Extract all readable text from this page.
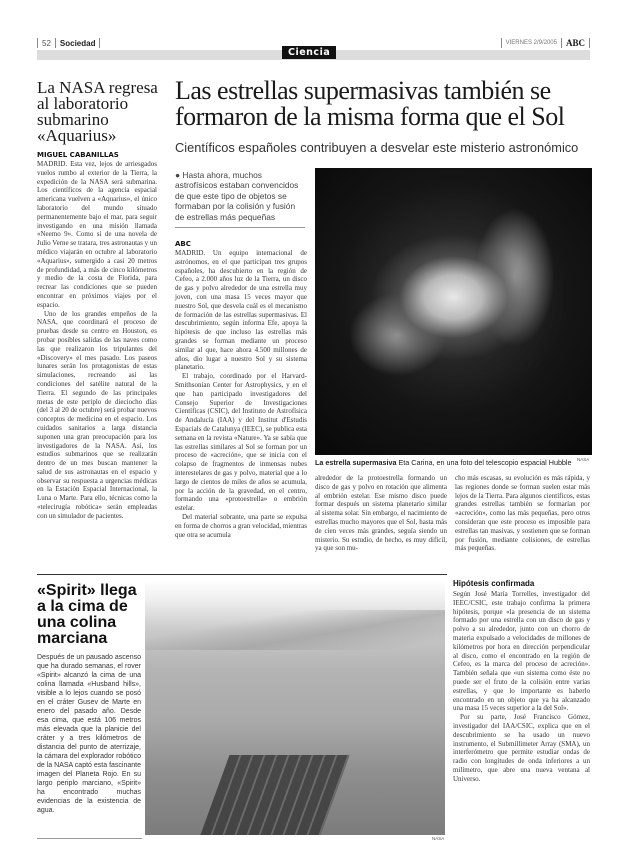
52 Sociedad	VIERNES 2/9/2005 ABC
Ciencia
La NASA regresa al laboratorio submarino «Aquarius»
MIGUEL CABANILLAS

MADRID. Esta vez, lejos de arriesgados vuelos rumbo al exterior de la Tierra, la expedición de la NASA será submarina. Los científicos de la agencia espacial americana vuelven a «Aquarius», el único laboratorio del mundo situado permanentemente bajo el mar, para seguir investigando en una misión llamada «Neemo 9». Como si de una novela de Julio Verne se tratara, tres astronautas y un médico viajarán en octubre al laboratorio «Aquarius», sumergido a casi 20 metros de profundidad, a más de cinco kilómetros y medio de la costa de Florida, para recrear las condiciones que se pueden encontrar en próximos viajes por el espacio.

Uno de los grandes empeños de la NASA, que coordinará el proceso de pruebas desde su centro en Houston, es probar posibles salidas de las naves como las que realizaron los tripulantes del «Discovery» el mes pasado. Los paseos lunares serán los protagonistas de estas simulaciones, recreando así las condiciones del satélite natural de la Tierra. El segundo de las principales metas de este periplo de dieciocho días (del 3 al 20 de octubre) será probar nuevos conceptos de medicina en el espacio. Los cuidados sanitarios a larga distancia suponen una gran preocupación para los investigadores de la NASA. Así, los estudios submarinos que se realizarán dentro de un mes buscan mantener la salud de sus astronautas en el espacio y observar su respuesta a urgencias médicas en la Estación Espacial Internacional, la Luna o Marte. Para ello, técnicas como la «telecirugía robótica» serán empleadas con un simulador de pacientes.

Las estrellas supermasivas también se formaron de la misma forma que el Sol
Científicos españoles contribuyen a desvelar este misterio astronómico
● Hasta ahora, muchos astrofísicos estaban convencidos de que este tipo de objetos se formaban por la colisión y fusión de estrellas más pequeñas
ABC

MADRID. Un equipo internacional de astrónomos, en el que participan tres grupos españoles, ha descubierto en la región de Cefeo, a 2.000 años luz de la Tierra, un disco de gas y polvo alrededor de una estrella muy joven, con una masa 15 veces mayor que nuestro Sol, que desvela cuál es el mecanismo de formación de las estrellas supermasivas. El descubrimiento, según informa Efe, apoya la hipótesis de que incluso las estrellas más grandes se forman mediante un proceso similar al que, hace ahora 4.500 millones de años, dio lugar a nuestro Sol y su sistema planetario.

El trabajo, coordinado por el Harvard-Smithsonian Center for Astrophysics, y en el que han participado investigadores del Consejo Superior de Investigaciones Científicas (CSIC), del Instituto de Astrofísica de Andalucía (IAA) y del Institut d'Estudis Espacials de Catalunya (IEEC), se publica esta semana en la revista «Nature». Ya se sabía que las estrellas similares al Sol se forman por un proceso de «acreción», que se inicia con el colapso de fragmentos de inmensas nubes interestelares de gas y polvo, material que a lo largo de cientos de miles de años se acumula, por la acción de la gravedad, en el centro, formando una «protoestrella» o embrión estelar.

Del material sobrante, una parte se expulsa en forma de chorros a gran velocidad, mientras que otra se acumula

La estrella supermasiva Eta Carina, en una foto del telescopio espacial Hubble NASA

alrededor de la protoestrella formando un disco de gas y polvo en rotación que alimenta al embrión estelar. Ese mismo disco puede formar después un sistema planetario similar al sistema solar. Sin embargo, el nacimiento de estrellas mucho mayores que el Sol, hasta más de cien veces más grandes, seguía siendo un misterio. Su estudio, de hecho, es muy difícil, ya que son mu-

cho más escasas, su evolución es más rápida, y las regiones donde se forman suelen estar más lejos de la Tierra. Para algunos científicos, estas grandes estrellas también se formarían por «acreción», como las más pequeñas, pero otros consideran que este proceso es imposible para estrellas tan masivas, y sostienen que se forman por fusión, mediante colisiones, de estrellas más pequeñas.

«Spirit» llega a la cima de una colina marciana
Después de un pausado ascenso que ha durado semanas, el rover «Spirit» alcanzó la cima de una colina llamada «Husband hills», visible a lo lejos cuando se posó en el cráter Gusev de Marte en enero del pasado año. Desde esa cima, que está 106 metros más elevada que la planicie del cráter y a tres kilómetros de distancia del punto de aterrizaje, la cámara del explorador robótico de la NASA captó esta fascinante imagen del Planeta Rojo. En su largo periplo marciano, «Spirit» ha encontrado muchas evidencias de la existencia de agua.
NASA
Hipótesis confirmada

Según José María Torrelles, investigador del IEEC/CSIC, este trabajo confirma la primera hipótesis, porque «la presencia de un sistema formado por una estrella con un disco de gas y polvo a su alrededor, junto con un chorro de materia expulsado a velocidades de millones de kilómetros por hora en dirección perpendicular al disco, como el encontrado en la región de Cefeo, es la marca del proceso de acreción». También señala que «un sistema como éste no puede ser el fruto de la colisión entre varias estrellas, y que lo importante es haberlo encontrado en un objeto que ya ha alcanzado una masa 15 veces superior a la del Sol».

Por su parte, José Francisco Gómez, investigador del IAA/CSIC, explica que en el descubrimiento se ha usado un nuevo instrumento, el Submillimeter Array (SMA), un interferómetro que permite estudiar ondas de radio con longitudes de onda inferiores a un milímetro, que abre una nueva ventana al Universo.
